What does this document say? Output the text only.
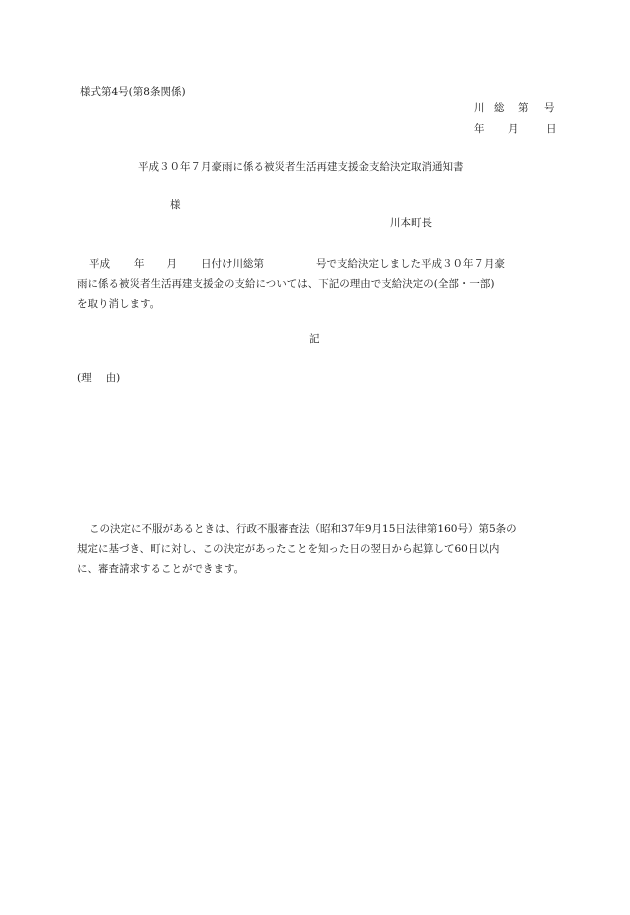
様式第4号(第8条関係)
川 総 第 号
年 月	日
平成３０年７月豪雨に係る被災者生活再建支援金支給決定取消通知書
様
川本町長

平成 年 月 日付け川総第	号で支給決定しました平成３０年７月豪

雨に係る被災者生活再建支援金の支給については、下記の理由で支給決定の(全部・一部)

を取り消します。

記
(理 由)

この決定に不服があるときは、行政不服審査法（昭和37年9月15日法律第160号）第5条の

規定に基づき、町に対し、この決定があったことを知った日の翌日から起算して60日以内

に、審査請求することができます。
